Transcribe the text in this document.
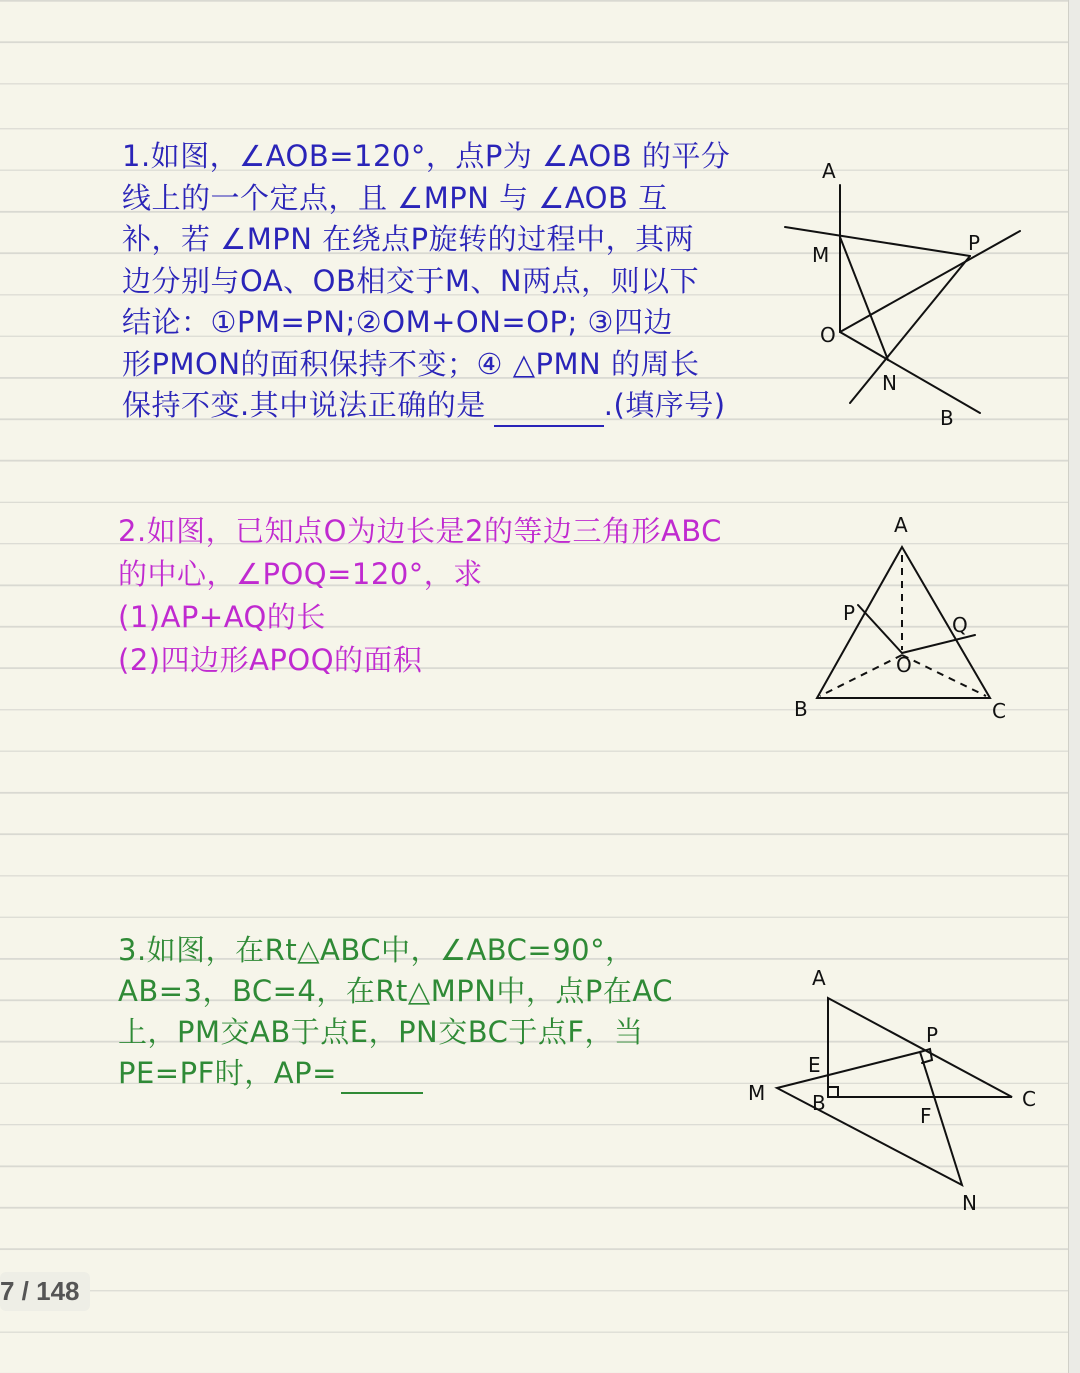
1.如图，∠AOB=120°，点P为 ∠AOB 的平分

线上的一个定点，且 ∠MPN 与 ∠AOB 互

补，若 ∠MPN 在绕点P旋转的过程中，其两

边分别与OA、OB相交于M、N两点，则以下

结论：①PM=PN;②OM+ON=OP; ③四边

形PMON的面积保持不变；④ △PMN 的周长

保持不变.其中说法正确的是	.(填序号)

A
M	P
O
N
B

2.如图，已知点O为边长是2的等边三角形ABC

的中心，∠POQ=120°，求

(1)AP+AQ的长

(2)四边形APOQ的面积

A
P	Q
O
B	C

3.如图，在Rt△ABC中，∠ABC=90°，

AB=3，BC=4，在Rt△MPN中，点P在AC

上，PM交AB于点E，PN交BC于点F，当

PE=PF时，AP=

A
P
E
M B
F
C
N
7 / 148
